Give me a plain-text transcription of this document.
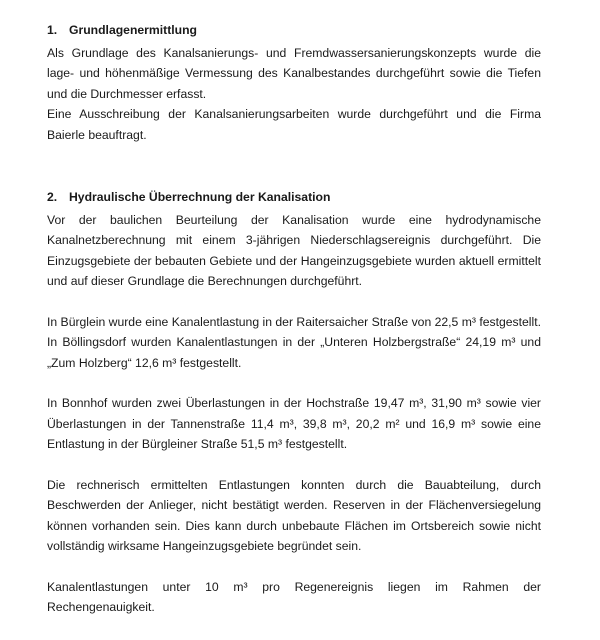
1. Grundlagenermittlung

Als Grundlage des Kanalsanierungs- und Fremdwassersanierungskonzepts wurde die lage- und höhenmäßige Vermessung des Kanalbestandes durchgeführt sowie die Tiefen und die Durchmesser erfasst.

Eine Ausschreibung der Kanalsanierungsarbeiten wurde durchgeführt und die Firma Baierle beauftragt.

2. Hydraulische Überrechnung der Kanalisation

Vor der baulichen Beurteilung der Kanalisation wurde eine hydrodynamische Kanalnetzberechnung mit einem 3-jährigen Niederschlagsereignis durchgeführt. Die Einzugsgebiete der bebauten Gebiete und der Hangeinzugsgebiete wurden aktuell ermittelt und auf dieser Grundlage die Berechnungen durchgeführt.

In Bürglein wurde eine Kanalentlastung in der Raitersaicher Straße von 22,5 m³ festgestellt. In Böllingsdorf wurden Kanalentlastungen in der „Unteren Holzbergstraße“ 24,19 m³ und „Zum Holzberg“ 12,6 m³ festgestellt.

In Bonnhof wurden zwei Überlastungen in der Hochstraße 19,47 m³, 31,90 m³ sowie vier Überlastungen in der Tannenstraße 11,4 m³, 39,8 m³, 20,2 m² und 16,9 m³ sowie eine Entlastung in der Bürgleiner Straße 51,5 m³ festgestellt.

Die rechnerisch ermittelten Entlastungen konnten durch die Bauabteilung, durch Beschwerden der Anlieger, nicht bestätigt werden. Reserven in der Flächenversiegelung können vorhanden sein. Dies kann durch unbebaute Flächen im Ortsbereich sowie nicht vollständig wirksame Hangeinzugsgebiete begründet sein.

Kanalentlastungen unter 10 m³ pro Regenereignis liegen im Rahmen der Rechengenauigkeit.
